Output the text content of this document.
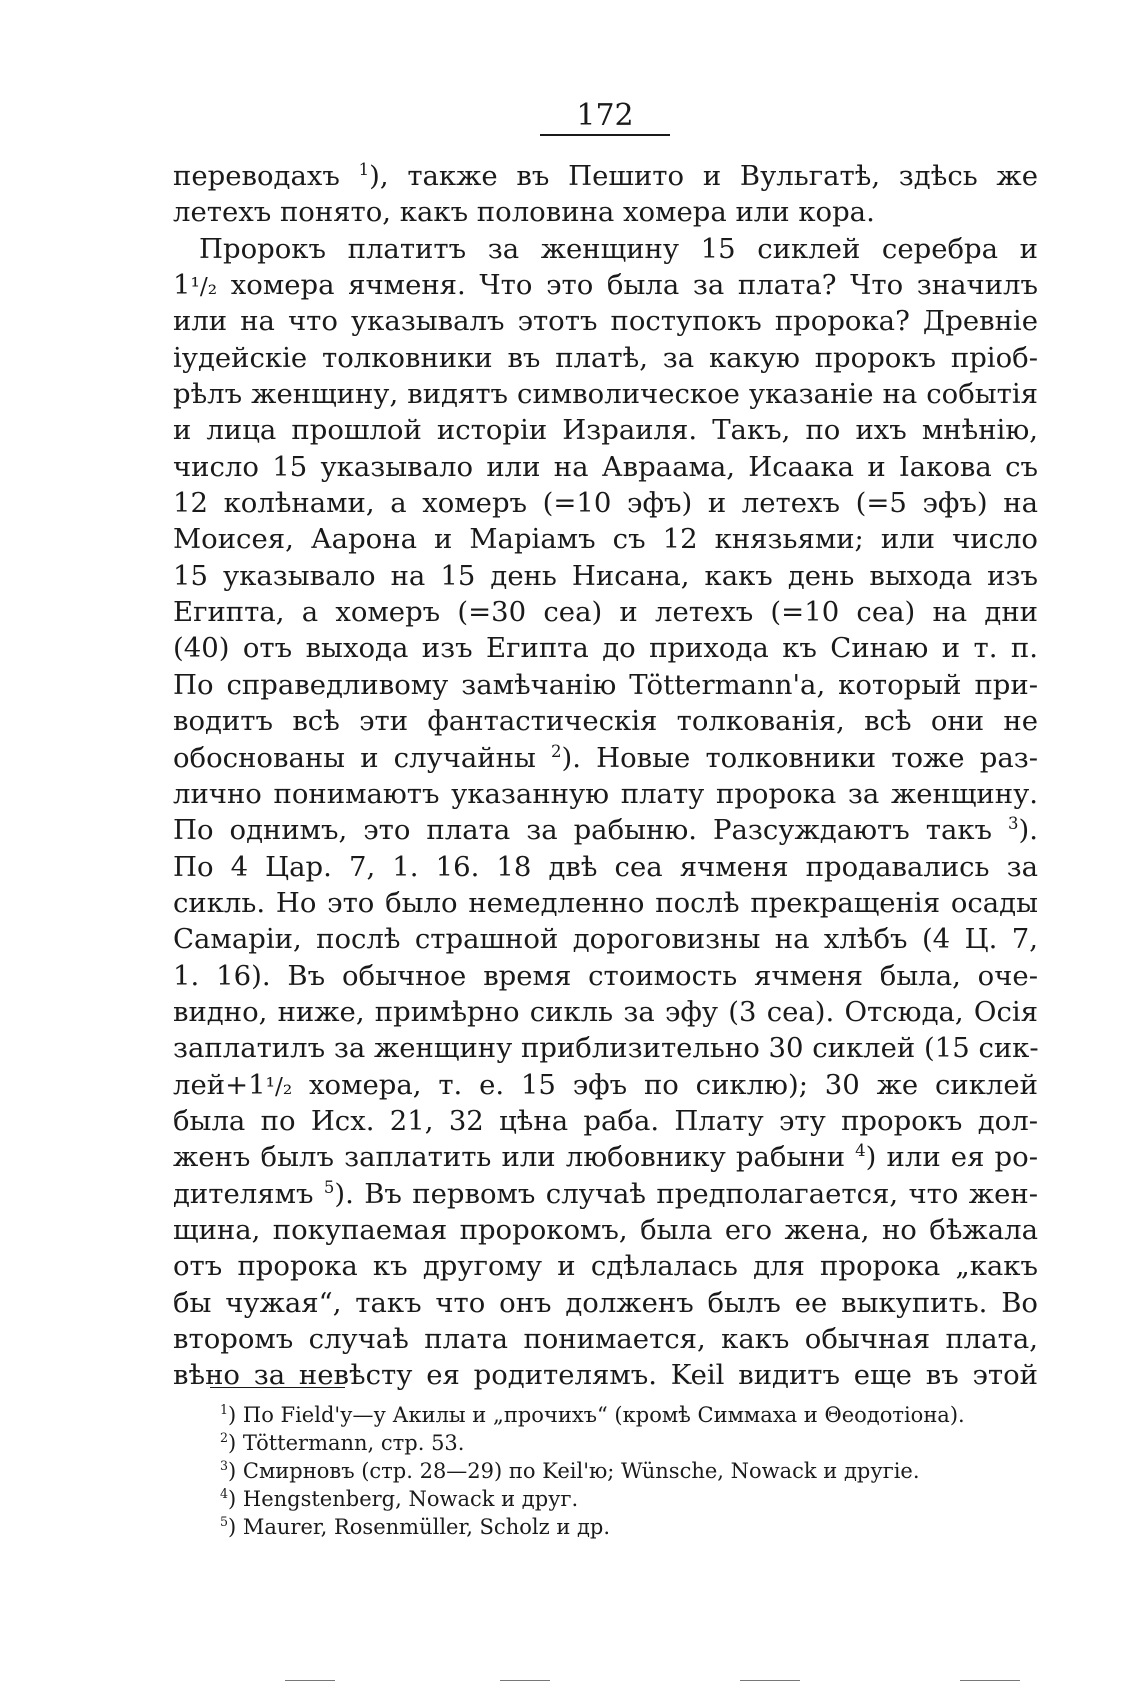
172
переводахъ $^1$), также въ Пешито и Вульгатѣ, здѣсь же
летехъ понято, какъ половина хомера или кора.
Пророкъ платитъ за женщину 15 сиклей серебра и
1¹/₂ хомера ячменя. Что это была за плата? Что значилъ
или на что указывалъ этотъ поступокъ пророка? Древніе
іудейскіе толковники въ платѣ, за какую пророкъ пріоб-
рѣлъ женщину, видятъ символическое указаніе на событія
и лица прошлой исторіи Израиля. Такъ, по ихъ мнѣнію,
число 15 указывало или на Авраама, Исаака и Іакова съ
12 колѣнами, а хомеръ (=10 эфъ) и летехъ (=5 эфъ) на
Моисея, Аарона и Маріамъ съ 12 князьями; или число
15 указывало на 15 день Нисана, какъ день выхода изъ
Египта, а хомеръ (=30 сеа) и летехъ (=10 сеа) на дни
(40) отъ выхода изъ Египта до прихода къ Синаю и т. п.
По справедливому замѣчанію Töttermann'а, который при-
водитъ всѣ эти фантастическія толкованія, всѣ они не
обоснованы и случайны $^2$). Новые толковники тоже раз-
лично понимаютъ указанную плату пророка за женщину.
По однимъ, это плата за рабыню. Разсуждаютъ такъ $^3$).
По 4 Цар. 7, 1. 16. 18 двѣ сеа ячменя продавались за
сикль. Но это было немедленно послѣ прекращенія осады
Самаріи, послѣ страшной дороговизны на хлѣбъ (4 Ц. 7,
1. 16). Въ обычное время стоимость ячменя была, оче-
видно, ниже, примѣрно сикль за эфу (3 сеа). Отсюда, Осія
заплатилъ за женщину приблизительно 30 сиклей (15 сик-
лей+1¹/₂ хомера, т. е. 15 эфъ по сиклю); 30 же сиклей
была по Исх. 21, 32 цѣна раба. Плату эту пророкъ дол-
женъ былъ заплатить или любовнику рабыни $^4$) или ея ро-
дителямъ $^5$). Въ первомъ случаѣ предполагается, что жен-
щина, покупаемая пророкомъ, была его жена, но бѣжала
отъ пророка къ другому и сдѣлалась для пророка „какъ
бы чужая“, такъ что онъ долженъ былъ ее выкупить. Во
второмъ случаѣ плата понимается, какъ обычная плата,
вѣно за невѣсту ея родителямъ. Keil видитъ еще въ этой
$^1$) По Field'у—у Акилы и „прочихъ“ (кромѣ Симмаха и Θеодотіона).
$^2$) Töttermann, стр. 53.
$^3$) Смирновъ (стр. 28—29) по Keil'ю; Wünsche, Nowack и другіе.
$^4$) Hengstenberg, Nowack и друг.
$^5$) Maurer, Rosenmüller, Scholz и др.
